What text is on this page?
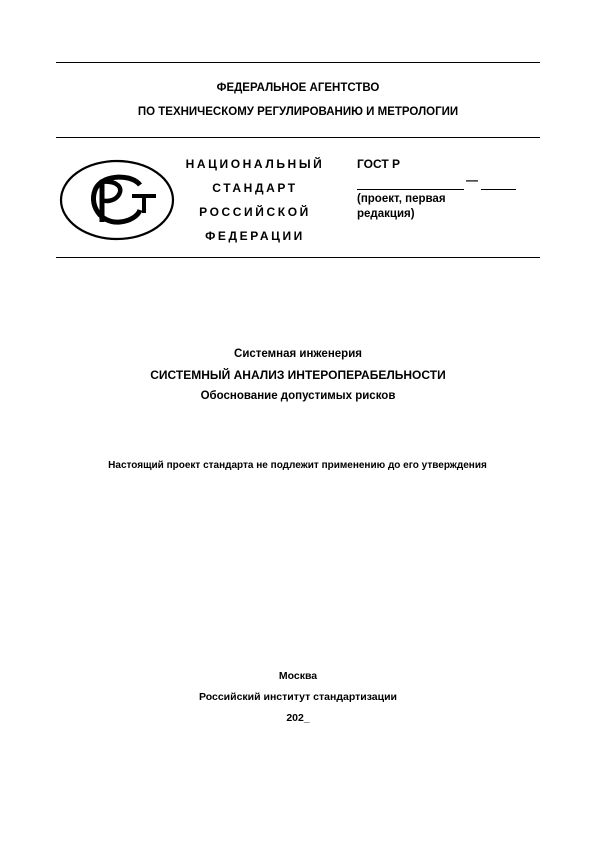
ФЕДЕРАЛЬНОЕ АГЕНТСТВО
ПО ТЕХНИЧЕСКОМУ РЕГУЛИРОВАНИЮ И МЕТРОЛОГИИ
НАЦИОНАЛЬНЫЙ
СТАНДАРТ
РОССИЙСКОЙ
ФЕДЕРАЦИИ
ГОСТ Р
—
(проект, первая редакция)
Системная инженерия
СИСТЕМНЫЙ АНАЛИЗ ИНТЕРОПЕРАБЕЛЬНОСТИ
Обоснование допустимых рисков
Настоящий проект стандарта не подлежит применению до его утверждения
Москва
Российский институт стандартизации
202_
